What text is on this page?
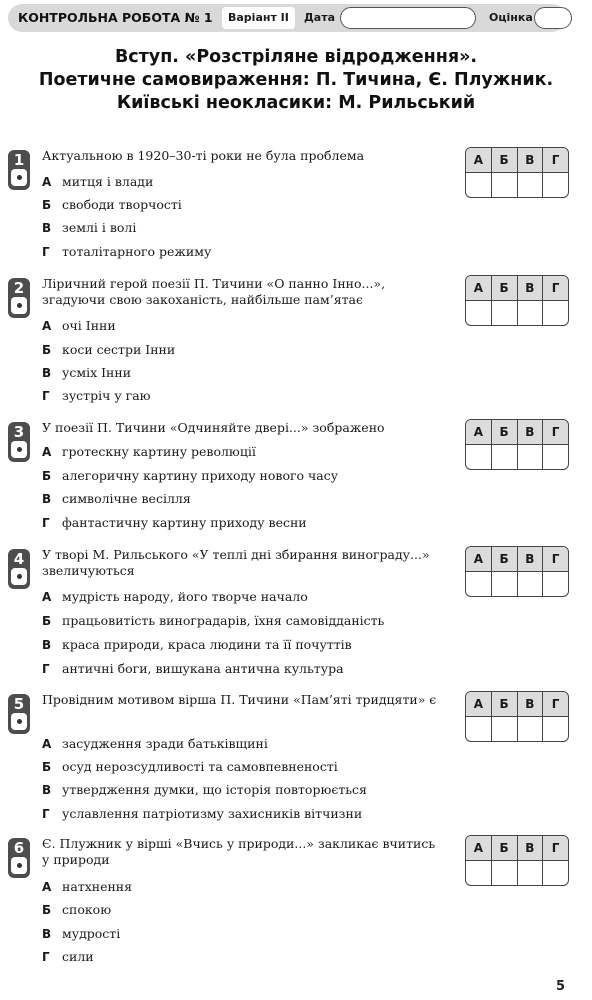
КОНТРОЛЬНА РОБОТА № 1	Варіант ІІ	Дата	Оцінка
Вступ. «Розстріляне відродження».
Поетичне самовираження: П. Тичина, Є. Плужник.
Київські неокласики: М. Рильський
1	Актуальною в 1920–30-ті роки не була проблема
А митця і влади
Б свободи творчості
В землі і волі
Г тоталітарного режиму
А	Б	В	Г
2	Ліричний герой поезії П. Тичини «О панно Інно...», згадуючи свою закоханість, найбільше пам’ятає
А очі Інни
Б коси сестри Інни
В усміх Інни
Г зустріч у гаю
А	Б	В	Г
3	У поезії П. Тичини «Одчиняйте двері...» зображено
А гротескну картину революції
Б алегоричну картину приходу нового часу
В символічне весілля
Г фантастичну картину приходу весни
А	Б	В	Г
4	У творі М. Рильського «У теплі дні збирання винограду...» звеличуються
А мудрість народу, його творче начало
Б працьовитість виноградарів, їхня самовідданість
В краса природи, краса людини та її почуттів
Г античні боги, вишукана антична культура
А	Б	В	Г
5	Провідним мотивом вірша П. Тичини «Пам’яті тридцяти» є
А засудження зради батьківщині
Б осуд нерозсудливості та самовпевненості
В утвердження думки, що історія повторюється
Г уславлення патріотизму захисників вітчизни
А	Б	В	Г
6	Є. Плужник у вірші «Вчись у природи...» закликає вчитись у природи
А натхнення
Б спокою
В мудрості
Г сили
А	Б	В	Г
5
